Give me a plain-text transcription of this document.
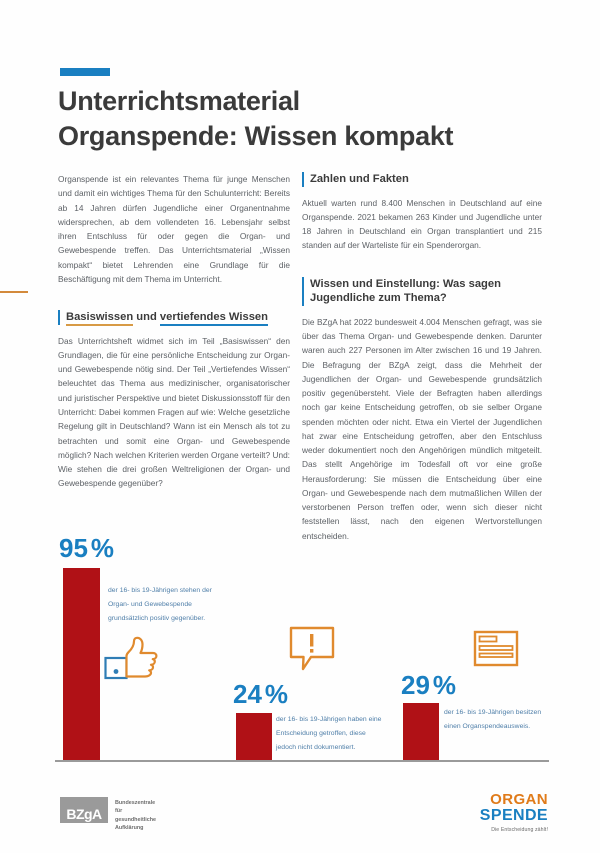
Unterrichtsmaterial
Organspende: Wissen kompakt

Organspende ist ein relevantes Thema für junge Menschen und damit ein wichtiges Thema für den Schulunterricht: Bereits ab 14 Jahren dürfen Jugendliche einer Organentnahme widersprechen, ab dem vollendeten 16. Lebensjahr selbst ihren Entschluss für oder gegen die Organ- und Gewebespende treffen. Das Unterrichtsmaterial „Wissen kompakt“ bietet Lehrenden eine Grundlage für die Beschäftigung mit dem Thema im Unterricht.

Basiswissen und vertiefendes Wissen

Das Unterrichtsheft widmet sich im Teil „Basiswissen“ den Grundlagen, die für eine persönliche Entscheidung zur Organ- und Gewebespende nötig sind. Der Teil „Vertiefendes Wissen“ beleuchtet das Thema aus medizinischer, organisatorischer und juristischer Perspektive und bietet Diskussionsstoff für den Unterricht: Dabei kommen Fragen auf wie: Welche gesetzliche Regelung gilt in Deutschland? Wann ist ein Mensch als tot zu betrachten und somit eine Organ- und Gewebespende möglich? Nach welchen Kriterien werden Organe verteilt? Und: Wie stehen die drei großen Weltreligionen der Organ- und Gewebespende gegenüber?

Zahlen und Fakten

Aktuell warten rund 8.400 Menschen in Deutschland auf eine Organspende. 2021 bekamen 263 Kinder und Jugendliche unter 18 Jahren in Deutschland ein Organ transplantiert und 215 standen auf der Warteliste für ein Spenderorgan.

Wissen und Einstellung: Was sagen Jugendliche zum Thema?

Die BZgA hat 2022 bundesweit 4.004 Menschen gefragt, was sie über das Thema Organ- und Gewebespende denken. Darunter waren auch 227 Personen im Alter zwischen 16 und 19 Jahren. Die Befragung der BZgA zeigt, dass die Mehrheit der Jugendlichen der Organ- und Gewebespende grundsätzlich positiv gegenübersteht. Viele der Befragten haben allerdings noch gar keine Entscheidung getroffen, ob sie selber Organe spenden möchten oder nicht. Etwa ein Viertel der Jugendlichen hat zwar eine Entscheidung getroffen, aber den Entschluss weder dokumentiert noch den Angehörigen mündlich mitgeteilt. Das stellt Angehörige im Todesfall oft vor eine große Herausforderung: Sie müssen die Entscheidung über eine Organ- und Gewebespende nach dem mutmaßlichen Willen der verstorbenen Person treffen oder, wenn sich dieser nicht feststellen lässt, nach den eigenen Wertvorstellungen entscheiden.

95 %
24 %	29 %
der 16- bis 19-Jährigen stehen der Organ- und Gewebespende grundsätzlich positiv gegenüber.
der 16- bis 19-Jährigen haben eine Entscheidung getroffen, diese jedoch nicht dokumentiert.
der 16- bis 19-Jährigen besitzen einen Organspendeausweis.
BZgA
Bundeszentrale
für
gesundheitliche
Aufklärung
ORGAN
SPENDE
Die Entscheidung zählt!
